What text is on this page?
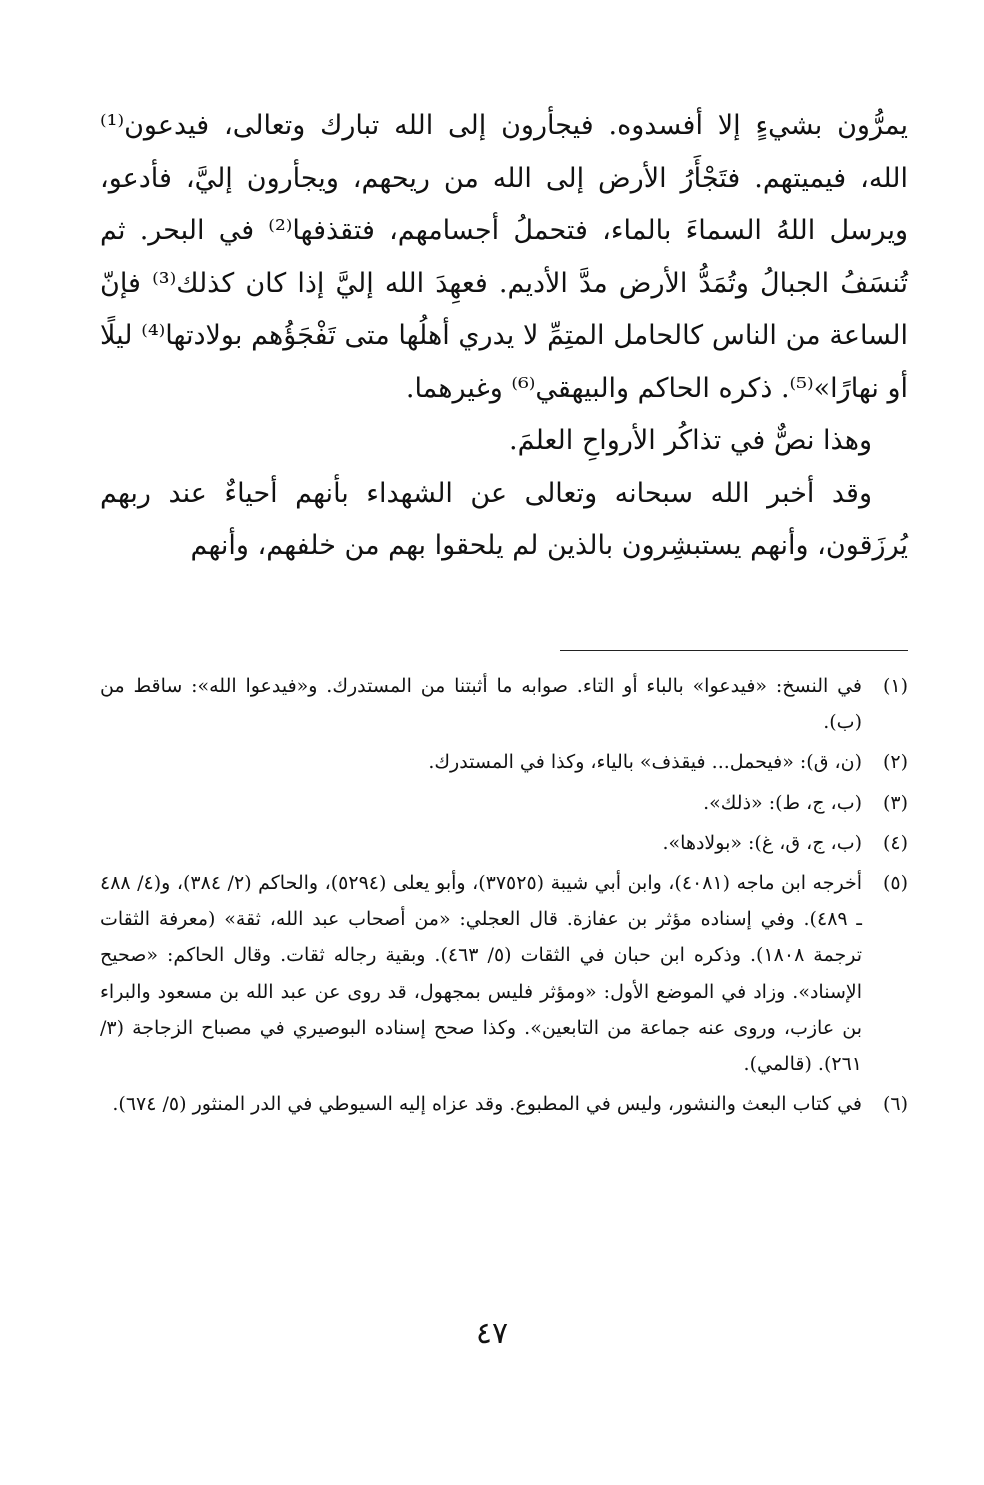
يمرُّون بشيءٍ إلا أفسدوه. فيجأرون إلى الله تبارك وتعالى، فيدعون⁽¹⁾ الله، فيميتهم. فتَجْأَرُ الأرض إلى الله من ريحهم، ويجأرون إليَّ، فأدعو، ويرسل اللهُ السماءَ بالماء، فتحملُ أجسامهم، فتقذفها⁽²⁾ في البحر. ثم تُنسَفُ الجبالُ وتُمَدُّ الأرض مدَّ الأديم. فعهِدَ الله إليَّ إذا كان كذلك⁽³⁾ فإنّ الساعة من الناس كالحامل المتِمِّ لا يدري أهلُها متى تَفْجَؤُهم بولادتها⁽⁴⁾ ليلًا أو نهارًا»⁽⁵⁾. ذكره الحاكم والبيهقي⁽⁶⁾ وغيرهما.

وهذا نصٌّ في تذاكُر الأرواحِ العلمَ.

وقد أخبر الله سبحانه وتعالى عن الشهداء بأنهم أحياءٌ عند ربهم يُرزَقون، وأنهم يستبشِرون بالذين لم يلحقوا بهم من خلفهم، وأنهم

(١)
في النسخ: «فيدعوا» بالباء أو التاء. صوابه ما أثبتنا من المستدرك. و«فيدعوا الله»: ساقط من (ب).
(٢)
(ن، ق): «فيحمل... فيقذف» بالياء، وكذا في المستدرك.
(٣)
(ب، ج، ط): «ذلك».
(٤)
(ب، ج، ق، غ): «بولادها».
(٥)
أخرجه ابن ماجه (٤٠٨١)، وابن أبي شيبة (٣٧٥٢٥)، وأبو يعلى (٥٢٩٤)، والحاكم (٢/ ٣٨٤)، و(٤/ ٤٨٨ ـ ٤٨٩). وفي إسناده مؤثر بن عفازة. قال العجلي: «من أصحاب عبد الله، ثقة» (معرفة الثقات ترجمة ١٨٠٨). وذكره ابن حبان في الثقات (٥/ ٤٦٣). وبقية رجاله ثقات. وقال الحاكم: «صحيح الإسناد». وزاد في الموضع الأول: «ومؤثر فليس بمجهول، قد روى عن عبد الله بن مسعود والبراء بن عازب، وروى عنه جماعة من التابعين». وكذا صحح إسناده البوصيري في مصباح الزجاجة (٣/ ٢٦١). (قالمي).
(٦)
في كتاب البعث والنشور، وليس في المطبوع. وقد عزاه إليه السيوطي في الدر المنثور (٥/ ٦٧٤).
٤٧
